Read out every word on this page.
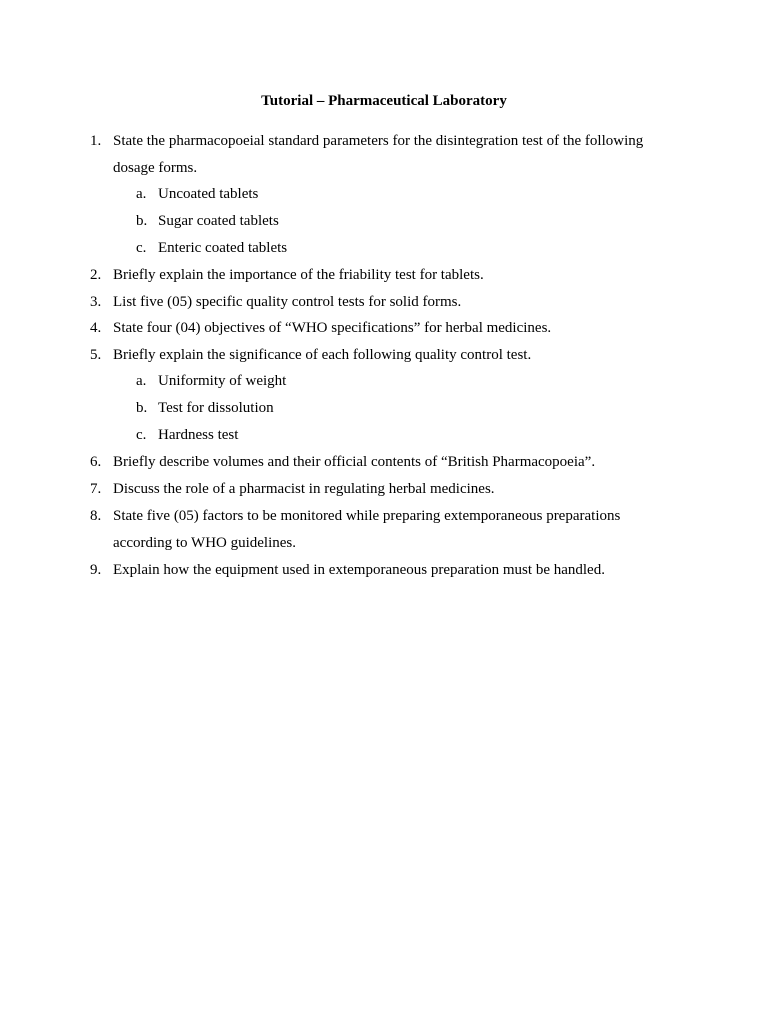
Tutorial – Pharmaceutical Laboratory
1. State the pharmacopoeial standard parameters for the disintegration test of the following dosage forms.
a. Uncoated tablets
b. Sugar coated tablets
c. Enteric coated tablets
2. Briefly explain the importance of the friability test for tablets.
3. List five (05) specific quality control tests for solid forms.
4. State four (04) objectives of “WHO specifications” for herbal medicines.
5. Briefly explain the significance of each following quality control test.
a. Uniformity of weight
b. Test for dissolution
c. Hardness test
6. Briefly describe volumes and their official contents of “British Pharmacopoeia”.
7. Discuss the role of a pharmacist in regulating herbal medicines.
8. State five (05) factors to be monitored while preparing extemporaneous preparations according to WHO guidelines.
9. Explain how the equipment used in extemporaneous preparation must be handled.
